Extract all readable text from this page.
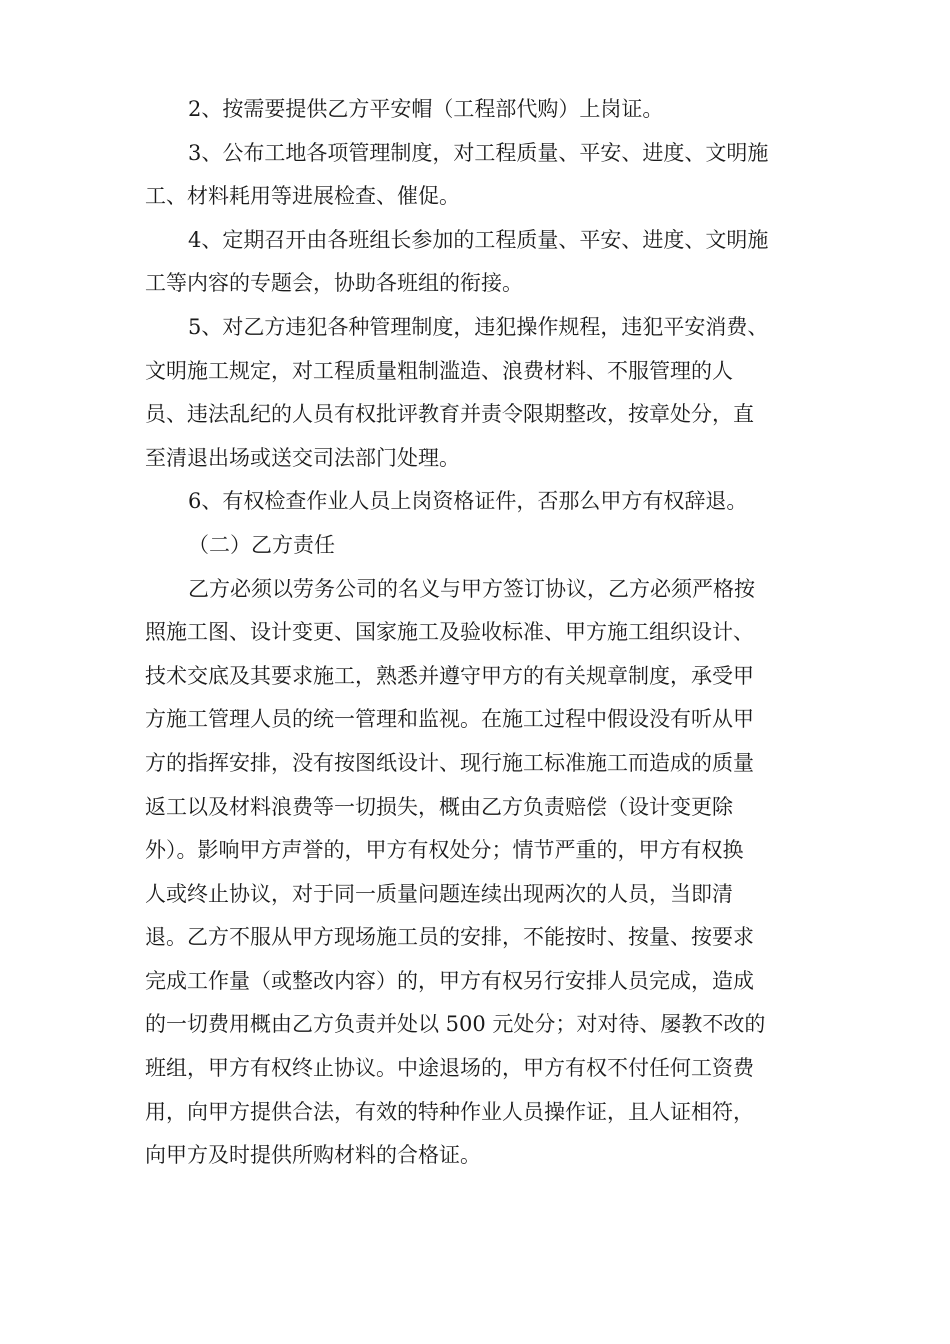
2、按需要提供乙方平安帽（工程部代购）上岗证。
3、公布工地各项管理制度，对工程质量、平安、进度、文明施
工、材料耗用等进展检查、催促。
4、定期召开由各班组长参加的工程质量、平安、进度、文明施
工等内容的专题会，协助各班组的衔接。
5、对乙方违犯各种管理制度，违犯操作规程，违犯平安消费、
文明施工规定，对工程质量粗制滥造、浪费材料、不服管理的人
员、违法乱纪的人员有权批评教育并责令限期整改，按章处分，直
至清退出场或送交司法部门处理。
6、有权检查作业人员上岗资格证件，否那么甲方有权辞退。
（二）乙方责任
乙方必须以劳务公司的名义与甲方签订协议，乙方必须严格按
照施工图、设计变更、国家施工及验收标准、甲方施工组织设计、
技术交底及其要求施工，熟悉并遵守甲方的有关规章制度，承受甲
方施工管理人员的统一管理和监视。在施工过程中假设没有听从甲
方的指挥安排，没有按图纸设计、现行施工标准施工而造成的质量
返工以及材料浪费等一切损失，概由乙方负责赔偿（设计变更除
外）。影响甲方声誉的，甲方有权处分；情节严重的，甲方有权换
人或终止协议，对于同一质量问题连续出现两次的人员，当即清
退。乙方不服从甲方现场施工员的安排，不能按时、按量、按要求
完成工作量（或整改内容）的，甲方有权另行安排人员完成，造成
的一切费用概由乙方负责并处以 500 元处分；对对待、屡教不改的
班组，甲方有权终止协议。中途退场的，甲方有权不付任何工资费
用，向甲方提供合法，有效的特种作业人员操作证，且人证相符，
向甲方及时提供所购材料的合格证。
